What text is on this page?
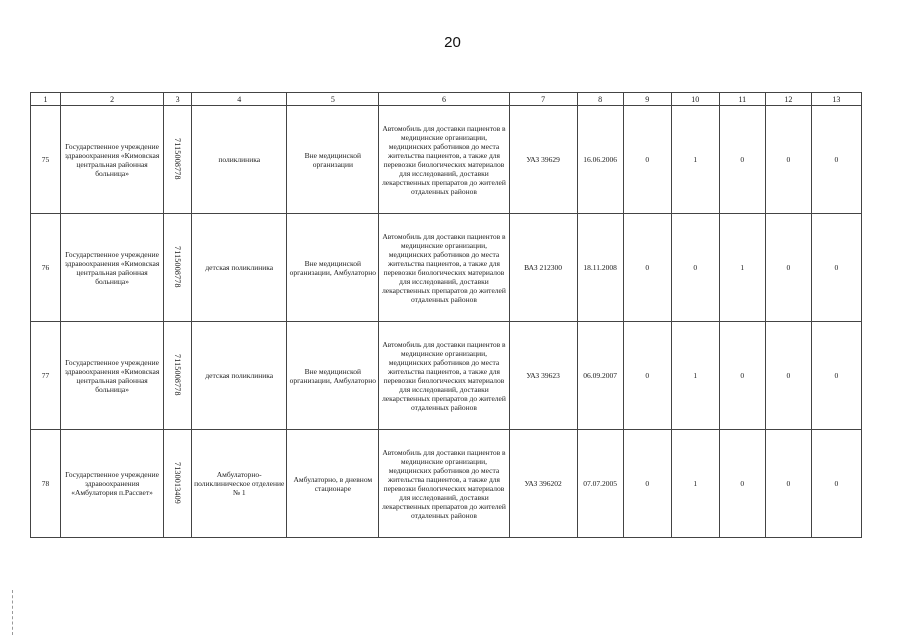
20
1	2	3	4	5	6	7	8	9	10	11	12	13
75	Государственное учреждение здравоохранения «Кимовская центральная районная больница»	7115008778	поликлиника	Вне медицинской организации	Автомобиль для доставки пациентов в медицинские организации, медицинских работников до места жительства пациентов, а также для перевозки биологических материалов для исследований, доставки лекарственных препаратов до жителей отдаленных районов	УАЗ 39629	16.06.2006	0	1	0	0	0
76	Государственное учреждение здравоохранения «Кимовская центральная районная больница»	7115008778	детская поликлиника	Вне медицинской организации, Амбулаторно	Автомобиль для доставки пациентов в медицинские организации, медицинских работников до места жительства пациентов, а также для перевозки биологических материалов для исследований, доставки лекарственных препаратов до жителей отдаленных районов	ВАЗ 212300	18.11.2008	0	0	1	0	0
77	Государственное учреждение здравоохранения «Кимовская центральная районная больница»	7115008778	детская поликлиника	Вне медицинской организации, Амбулаторно	Автомобиль для доставки пациентов в медицинские организации, медицинских работников до места жительства пациентов, а также для перевозки биологических материалов для исследований, доставки лекарственных препаратов до жителей отдаленных районов	УАЗ 39623	06.09.2007	0	1	0	0	0
78	Государственное учреждение здравоохранения «Амбулатория п.Рассвет»	7130013409	Амбулаторно-поликлиническое отделение № 1	Амбулаторно, в дневном стационаре	Автомобиль для доставки пациентов в медицинские организации, медицинских работников до места жительства пациентов, а также для перевозки биологических материалов для исследований, доставки лекарственных препаратов до жителей отдаленных районов	УАЗ 396202	07.07.2005	0	1	0	0	0
